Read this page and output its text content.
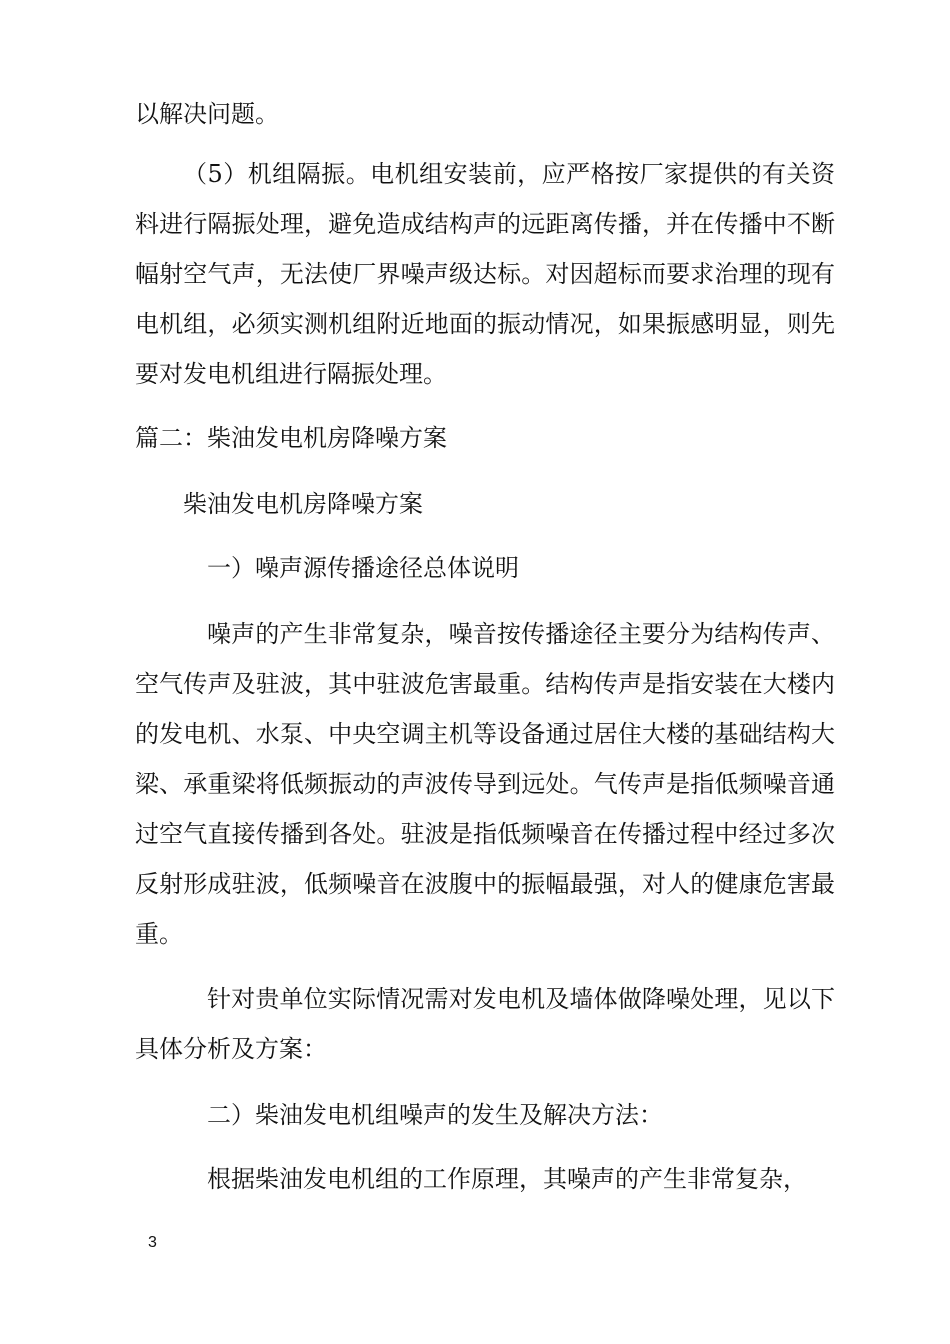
以解决问题。

（5）机组隔振。电机组安装前，应严格按厂家提供的有关资料进行隔振处理，避免造成结构声的远距离传播，并在传播中不断幅射空气声，无法使厂界噪声级达标。对因超标而要求治理的现有电机组，必须实测机组附近地面的振动情况，如果振感明显，则先要对发电机组进行隔振处理。

篇二：柴油发电机房降噪方案

柴油发电机房降噪方案

一）噪声源传播途径总体说明

噪声的产生非常复杂，噪音按传播途径主要分为结构传声、空气传声及驻波，其中驻波危害最重。结构传声是指安装在大楼内的发电机、水泵、中央空调主机等设备通过居住大楼的基础结构大梁、承重梁将低频振动的声波传导到远处。气传声是指低频噪音通过空气直接传播到各处。驻波是指低频噪音在传播过程中经过多次反射形成驻波，低频噪音在波腹中的振幅最强，对人的健康危害最重。

针对贵单位实际情况需对发电机及墙体做降噪处理，见以下具体分析及方案：

二）柴油发电机组噪声的发生及解决方法：

根据柴油发电机组的工作原理，其噪声的产生非常复杂，

3
